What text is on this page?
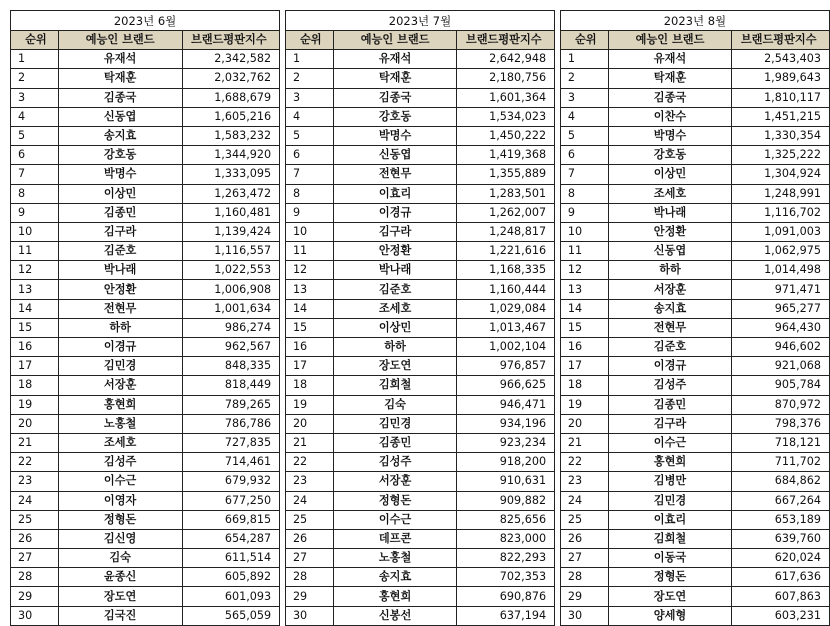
2023년 6월		
순위	예능인 브랜드	브랜드평판지수
1	유재석	2,342,582
2	탁재훈	2,032,762
3	김종국	1,688,679
4	신동엽	1,605,216
5	송지효	1,583,232
6	강호동	1,344,920
7	박명수	1,333,095
8	이상민	1,263,472
9	김종민	1,160,481
10	김구라	1,139,424
11	김준호	1,116,557
12	박나래	1,022,553
13	안정환	1,006,908
14	전현무	1,001,634
15	하하	986,274
16	이경규	962,567
17	김민경	848,335
18	서장훈	818,449
19	홍현희	789,265
20	노홍철	786,786
21	조세호	727,835
22	김성주	714,461
23	이수근	679,932
24	이영자	677,250
25	정형돈	669,815
26	김신영	654,287
27	김숙	611,514
28	윤종신	605,892
29	장도연	601,093
30	김국진	565,059
2023년 7월		
순위	예능인 브랜드	브랜드평판지수
1	유재석	2,642,948
2	탁재훈	2,180,756
3	김종국	1,601,364
4	강호동	1,534,023
5	박명수	1,450,222
6	신동엽	1,419,368
7	전현무	1,355,889
8	이효리	1,283,501
9	이경규	1,262,007
10	김구라	1,248,817
11	안정환	1,221,616
12	박나래	1,168,335
13	김준호	1,160,444
14	조세호	1,029,084
15	이상민	1,013,467
16	하하	1,002,104
17	장도연	976,857
18	김희철	966,625
19	김숙	946,471
20	김민경	934,196
21	김종민	923,234
22	김성주	918,200
23	서장훈	910,631
24	정형돈	909,882
25	이수근	825,656
26	데프콘	823,000
27	노홍철	822,293
28	송지효	702,353
29	홍현희	690,876
30	신봉선	637,194
2023년 8월		
순위	예능인 브랜드	브랜드평판지수
1	유재석	2,543,403
2	탁재훈	1,989,643
3	김종국	1,810,117
4	이찬수	1,451,215
5	박명수	1,330,354
6	강호동	1,325,222
7	이상민	1,304,924
8	조세호	1,248,991
9	박나래	1,116,702
10	안정환	1,091,003
11	신동엽	1,062,975
12	하하	1,014,498
13	서장훈	971,471
14	송지효	965,277
15	전현무	964,430
16	김준호	946,602
17	이경규	921,068
18	김성주	905,784
19	김종민	870,972
20	김구라	798,376
21	이수근	718,121
22	홍현희	711,702
23	김병만	684,862
24	김민경	667,264
25	이효리	653,189
26	김희철	639,760
27	이동국	620,024
28	정형돈	617,636
29	장도연	607,863
30	양세형	603,231
